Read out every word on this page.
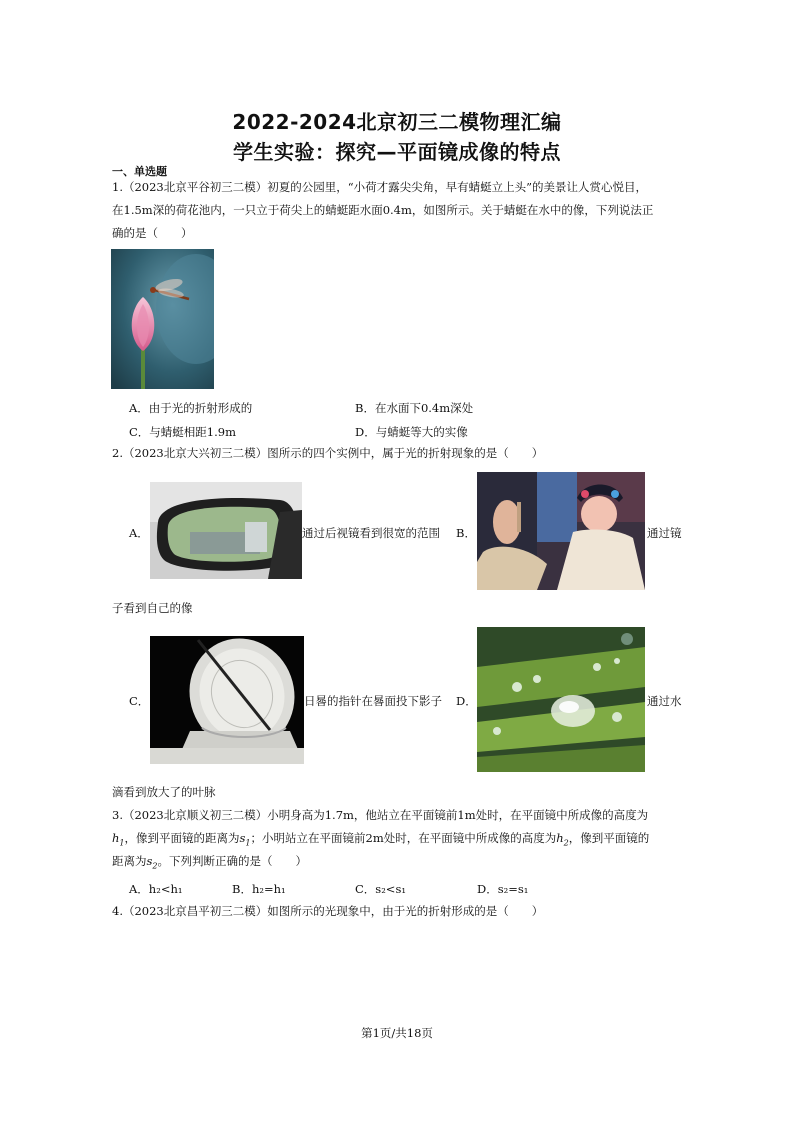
2022-2024北京初三二模物理汇编
学生实验：探究—平面镜成像的特点
一、单选题
1.（2023北京平谷初三二模）初夏的公园里，“小荷才露尖尖角，早有蜻蜓立上头”的美景让人赏心悦目，
在1.5m深的荷花池内，一只立于荷尖上的蜻蜓距水面0.4m，如图所示。关于蜻蜓在水中的像，下列说法正
确的是（　　）
A．由于光的折射形成的	B．在水面下0.4m深处
C．与蜻蜓相距1.9m	D．与蜻蜓等大的实像
2.（2023北京大兴初三二模）图所示的四个实例中，属于光的折射现象的是（　　）
A．	通过后视镜看到很宽的范围 B．	通过镜
子看到自己的像
C．	日晷的指针在晷面投下影子 D．	通过水
滴看到放大了的叶脉
3.（2023北京顺义初三二模）小明身高为1.7m，他站立在平面镜前1m处时，在平面镜中所成像的高度为
$h_1$，像到平面镜的距离为$s_1$；小明站立在平面镜前2m处时，在平面镜中所成像的高度为$h_2$，像到平面镜的
距离为$s_2$。下列判断正确的是（　　）
A．h₂<h₁	B．h₂=h₁	C．s₂<s₁	D．s₂=s₁
4.（2023北京昌平初三二模）如图所示的光现象中，由于光的折射形成的是（　　）
第1页/共18页
